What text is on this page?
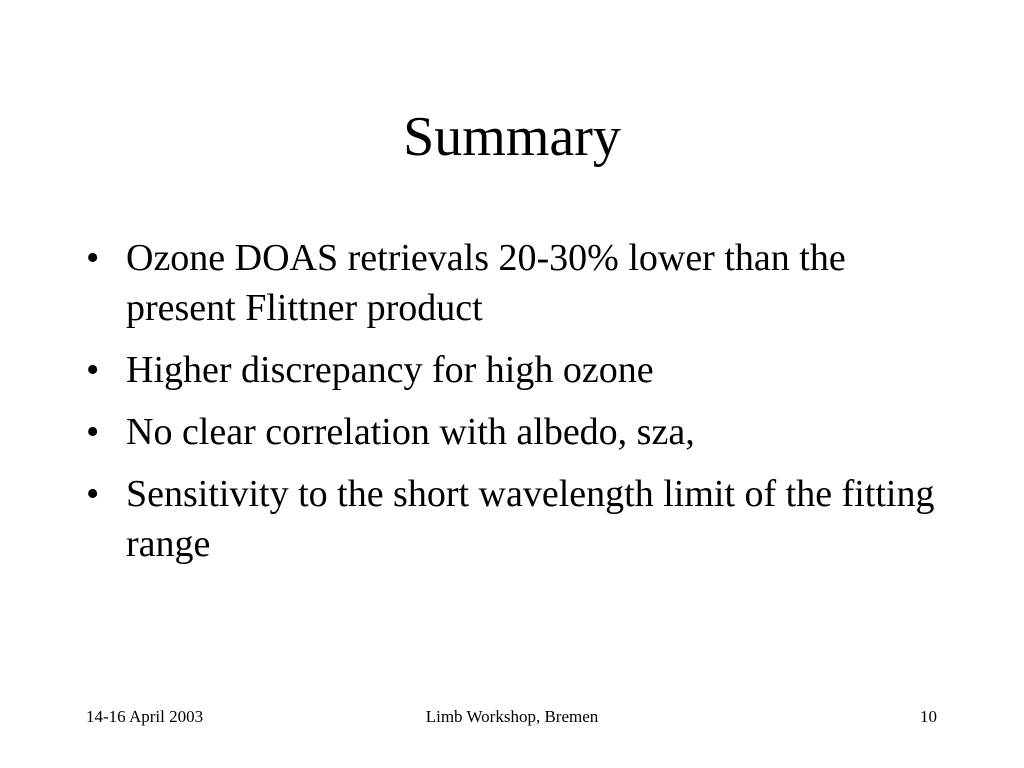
Summary
• Ozone DOAS retrievals 20-30% lower than the present Flittner product
• Higher discrepancy for high ozone
• No clear correlation with albedo, sza,
• Sensitivity to the short wavelength limit of the fitting range
14-16 April 2003	Limb Workshop, Bremen	10
